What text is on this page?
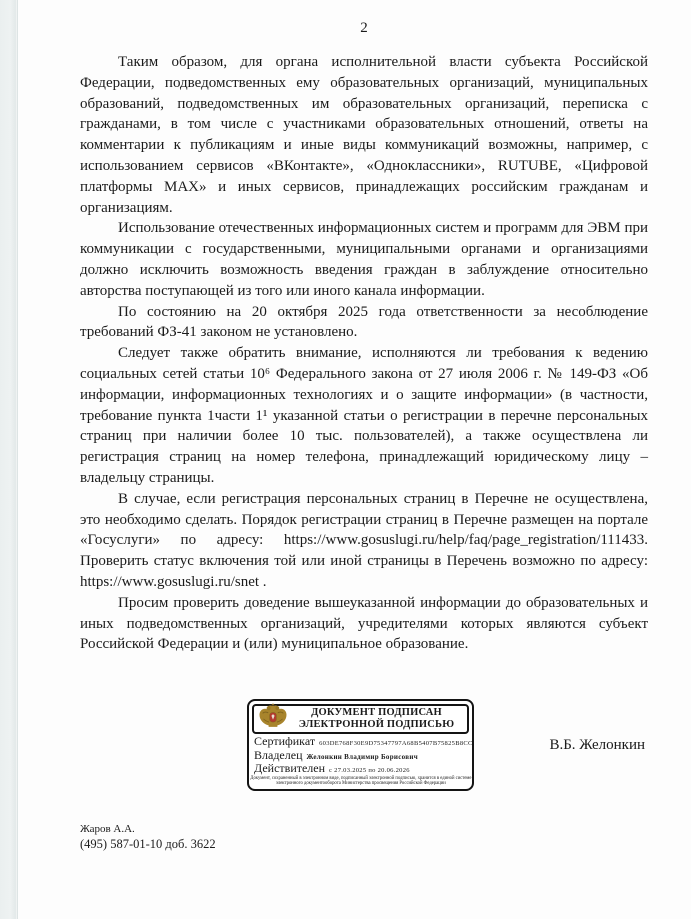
2

Таким образом, для органа исполнительной власти субъекта Российской Федерации, подведомственных ему образовательных организаций, муниципальных образований, подведомственных им образовательных организаций, переписка с гражданами, в том числе с участниками образовательных отношений, ответы на комментарии к публикациям и иные виды коммуникаций возможны, например, с использованием сервисов «ВКонтакте», «Одноклассники», RUTUBE, «Цифровой платформы MAX» и иных сервисов, принадлежащих российским гражданам и организациям.

Использование отечественных информационных систем и программ для ЭВМ при коммуникации с государственными, муниципальными органами и организациями должно исключить возможность введения граждан в заблуждение относительно авторства поступающей из того или иного канала информации.

По состоянию на 20 октября 2025 года ответственности за несоблюдение требований ФЗ-41 законом не установлено.

Следует также обратить внимание, исполняются ли требования к ведению социальных сетей статьи 10⁶ Федерального закона от 27 июля 2006 г. № 149-ФЗ «Об информации, информационных технологиях и о защите информации» (в частности, требование пункта 1части 1¹ указанной статьи о регистрации в перечне персональных страниц при наличии более 10 тыс. пользователей), а также осуществлена ли регистрация страниц на номер телефона, принадлежащий юридическому лицу – владельцу страницы.

В случае, если регистрация персональных страниц в Перечне не осуществлена, это необходимо сделать. Порядок регистрации страниц в Перечне размещен на портале «Госуслуги» по адресу: https://www.gosuslugi.ru/help/faq/page_registration/111433. Проверить статус включения той или иной страницы в Перечень возможно по адресу: https://www.gosuslugi.ru/snet .

Просим проверить доведение вышеуказанной информации до образовательных и иных подведомственных организаций, учредителями которых являются субъект Российской Федерации и (или) муниципальное образование.

ДОКУМЕНТ ПОДПИСАН
ЭЛЕКТРОННОЙ ПОДПИСЬЮ
Сертификат 603DE768F30E9D75347797A68B5407B75825B8CC
Владелец Желонкин Владимир Борисович
Действителен с 27.03.2025 по 20.06.2026
Документ, сохраненный в электронном виде, подписанный электронной подписью, хранится в единой системе электронного документооборота Министерства просвещения Российской Федерации
В.Б. Желонкин
Жаров А.А.
(495) 587-01-10 доб. 3622
